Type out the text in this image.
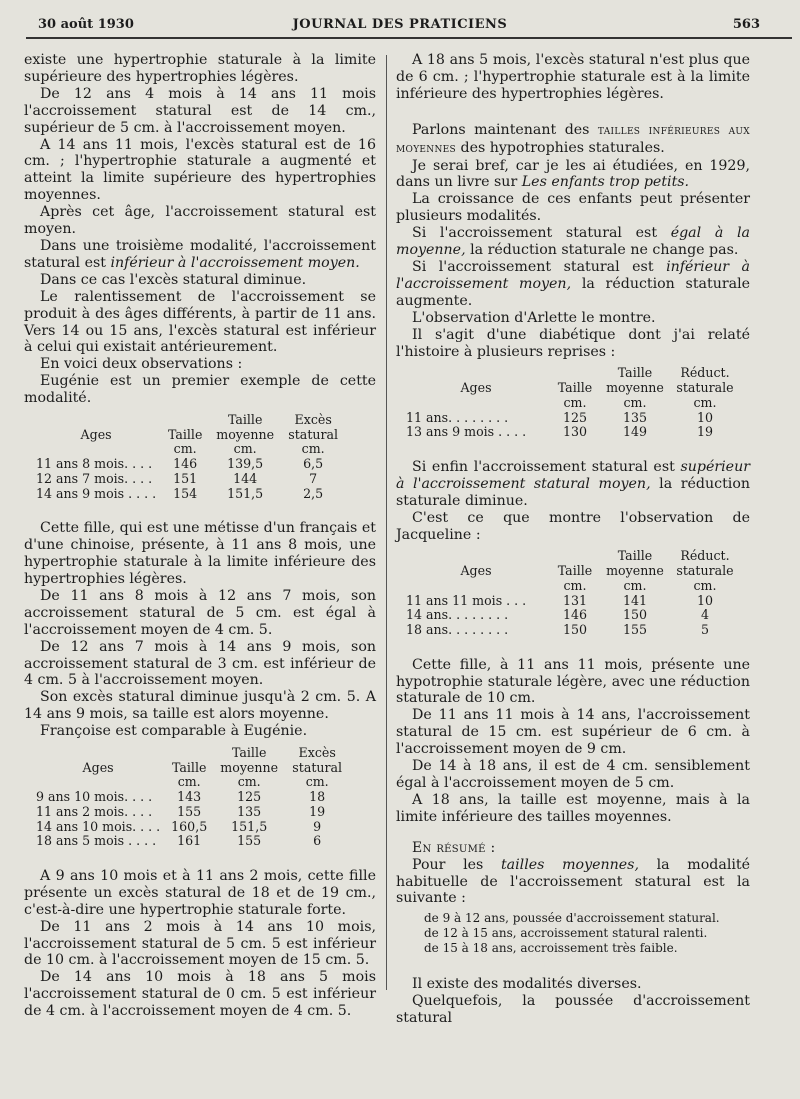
30 août 1930	JOURNAL DES PRATICIENS	563

existe une hypertrophie staturale à la limite supérieure des hypertrophies légères.

De 12 ans 4 mois à 14 ans 11 mois l'accroissement statural est de 14 cm., supérieur de 5 cm. à l'accroissement moyen.

A 14 ans 11 mois, l'excès statural est de 16 cm. ; l'hypertrophie staturale a augmenté et atteint la limite supérieure des hypertrophies moyennes.

Après cet âge, l'accroissement statural est moyen.

Dans une troisième modalité, l'accroissement statural est inférieur à l'accroissement moyen.

Dans ce cas l'excès statural diminue.

Le ralentissement de l'accroissement se produit à des âges différents, à partir de 11 ans. Vers 14 ou 15 ans, l'excès statural est inférieur à celui qui existait antérieurement.

En voici deux observations :

Eugénie est un premier exemple de cette modalité.

		Taille	Excès
Ages	Taille	moyenne	statural
	cm.	cm.	cm.
11 ans 8 mois. . . .	146	139,5	6,5
12 ans 7 mois. . . .	151	144	7
14 ans 9 mois . . . .	154	151,5	2,5

Cette fille, qui est une métisse d'un français et d'une chinoise, présente, à 11 ans 8 mois, une hypertrophie staturale à la limite inférieure des hypertrophies légères.

De 11 ans 8 mois à 12 ans 7 mois, son accroissement statural de 5 cm. est égal à l'accroissement moyen de 4 cm. 5.

De 12 ans 7 mois à 14 ans 9 mois, son accroissement statural de 3 cm. est inférieur de 4 cm. 5 à l'accroissement moyen.

Son excès statural diminue jusqu'à 2 cm. 5. A 14 ans 9 mois, sa taille est alors moyenne.

Françoise est comparable à Eugénie.

		Taille	Excès
Ages	Taille	moyenne	statural
	cm.	cm.	cm.
9 ans 10 mois. . . .	143	125	18
11 ans 2 mois. . . .	155	135	19
14 ans 10 mois. . . .	160,5	151,5	9
18 ans 5 mois . . . .	161	155	6

A 9 ans 10 mois et à 11 ans 2 mois, cette fille présente un excès statural de 18 et de 19 cm., c'est-à-dire une hypertrophie staturale forte.

De 11 ans 2 mois à 14 ans 10 mois, l'accroissement statural de 5 cm. 5 est inférieur de 10 cm. à l'accroissement moyen de 15 cm. 5.

De 14 ans 10 mois à 18 ans 5 mois l'accroissement statural de 0 cm. 5 est inférieur de 4 cm. à l'accroissement moyen de 4 cm. 5.

A 18 ans 5 mois, l'excès statural n'est plus que de 6 cm. ; l'hypertrophie staturale est à la limite inférieure des hypertrophies légères.

Parlons maintenant des tailles inférieures aux moyennes des hypotrophies staturales.

Je serai bref, car je les ai étudiées, en 1929, dans un livre sur Les enfants trop petits.

La croissance de ces enfants peut présenter plusieurs modalités.

Si l'accroissement statural est égal à la moyenne, la réduction staturale ne change pas.

Si l'accroissement statural est inférieur à l'accroissement moyen, la réduction staturale augmente.

L'observation d'Arlette le montre.

Il s'agit d'une diabétique dont j'ai relaté l'histoire à plusieurs reprises :

		Taille	Réduct.
Ages	Taille	moyenne	staturale
	cm.	cm.	cm.
11 ans. . . . . . . .	125	135	10
13 ans 9 mois . . . .	130	149	19

Si enfin l'accroissement statural est supérieur à l'accroissement statural moyen, la réduction staturale diminue.

C'est ce que montre l'observation de Jacqueline :

		Taille	Réduct.
Ages	Taille	moyenne	staturale
	cm.	cm.	cm.
11 ans 11 mois . . .	131	141	10
14 ans. . . . . . . .	146	150	4
18 ans. . . . . . . .	150	155	5

Cette fille, à 11 ans 11 mois, présente une hypotrophie staturale légère, avec une réduction staturale de 10 cm.

De 11 ans 11 mois à 14 ans, l'accroissement statural de 15 cm. est supérieur de 6 cm. à l'accroissement moyen de 9 cm.

De 14 à 18 ans, il est de 4 cm. sensiblement égal à l'accroissement moyen de 5 cm.

A 18 ans, la taille est moyenne, mais à la limite inférieure des tailles moyennes.

En résumé :

Pour les tailles moyennes, la modalité habituelle de l'accroissement statural est la suivante :

de 9 à 12 ans, poussée d'accroissement statural.
de 12 à 15 ans, accroissement statural ralenti.
de 15 à 18 ans, accroissement très faible.

Il existe des modalités diverses.

Quelquefois, la poussée d'accroissement statural
